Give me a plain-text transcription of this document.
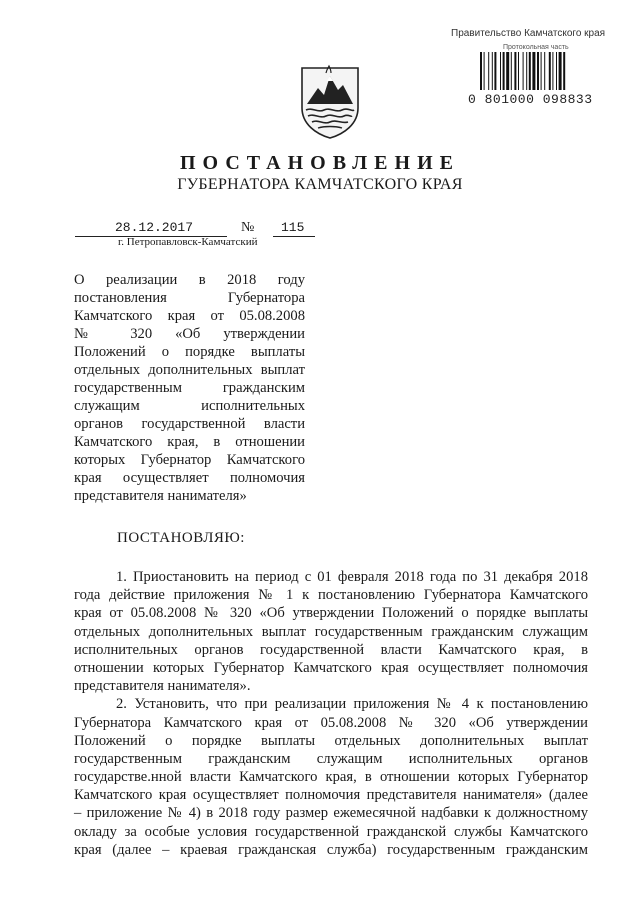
Правительство Камчатского края
Протокольная часть
0 801000 098833
ПОСТАНОВЛЕНИЕ
ГУБЕРНАТОРА КАМЧАТСКОГО КРАЯ
28.12.2017	№ 115
г. Петропавловск-Камчатский
О реализации в 2018 году
постановления Губернатора
Камчатского края от 05.08.2008
№ 320 «Об утверждении
Положений о порядке выплаты
отдельных дополнительных выплат
государственным гражданским
служащим исполнительных
органов государственной власти
Камчатского края, в отношении
которых Губернатор Камчатского
края осуществляет полномочия
представителя нанимателя»
ПОСТАНОВЛЯЮ:
1. Приостановить на период с 01 февраля 2018 года по 31 декабря 2018
года действие приложения № 1 к постановлению Губернатора Камчатского
края от 05.08.2008 № 320 «Об утверждении Положений о порядке выплаты
отдельных дополнительных выплат государственным гражданским служащим
исполнительных органов государственной власти Камчатского края, в
отношении которых Губернатор Камчатского края осуществляет полномочия
представителя нанимателя».
2. Установить, что при реализации приложения № 4 к постановлению
Губернатора Камчатского края от 05.08.2008 № 320 «Об утверждении
Положений о порядке выплаты отдельных дополнительных выплат
государственным гражданским служащим исполнительных органов
государстве.нной власти Камчатского края, в отношении которых Губернатор
Камчатского края осуществляет полномочия представителя нанимателя» (далее
– приложение № 4) в 2018 году размер ежемесячной надбавки к должностному
окладу за особые условия государственной гражданской службы Камчатского
края (далее – краевая гражданская служба) государственным гражданским
